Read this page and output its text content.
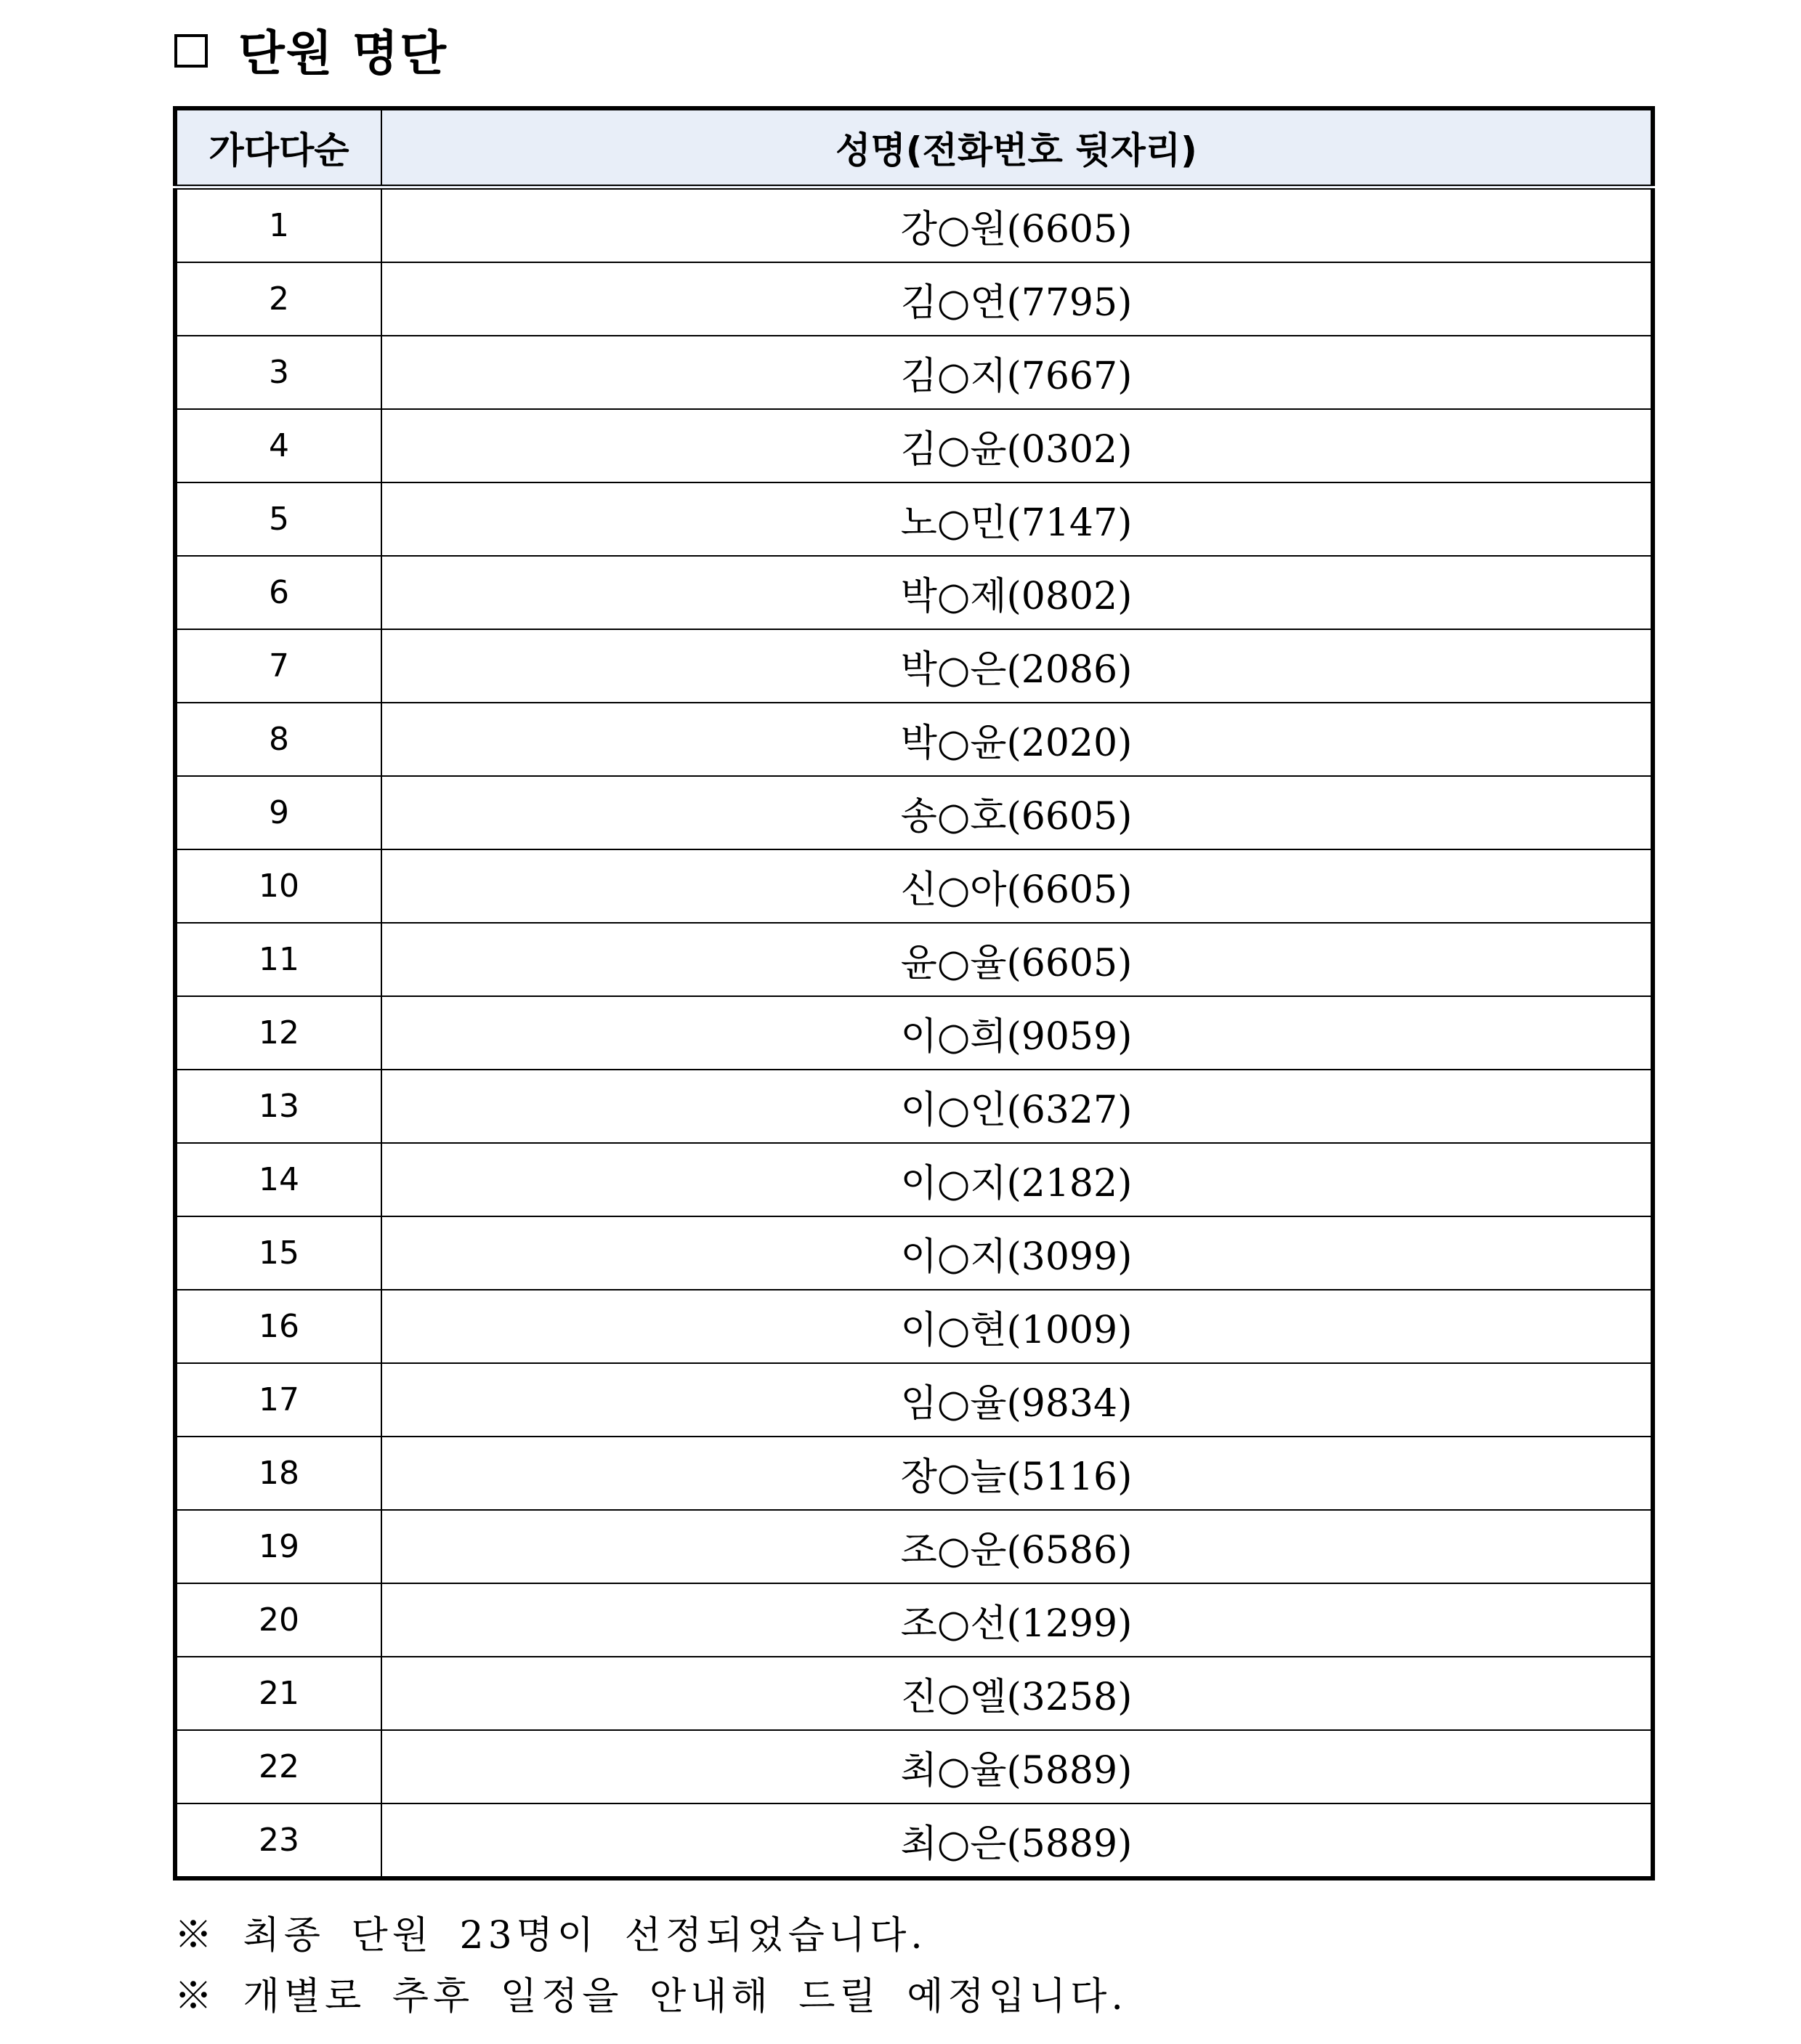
단원 명단
가다다순	성명(전화번호 뒷자리)
1	강○원(6605)
2	김○연(7795)
3	김○지(7667)
4	김○윤(0302)
5	노○민(7147)
6	박○제(0802)
7	박○은(2086)
8	박○윤(2020)
9	송○호(6605)
10	신○아(6605)
11	윤○율(6605)
12	이○희(9059)
13	이○인(6327)
14	이○지(2182)
15	이○지(3099)
16	이○현(1009)
17	임○율(9834)
18	장○늘(5116)
19	조○운(6586)
20	조○선(1299)
21	진○엘(3258)
22	최○율(5889)
23	최○은(5889)
※ 최종 단원 23명이 선정되었습니다.
※ 개별로 추후 일정을 안내해 드릴 예정입니다.
